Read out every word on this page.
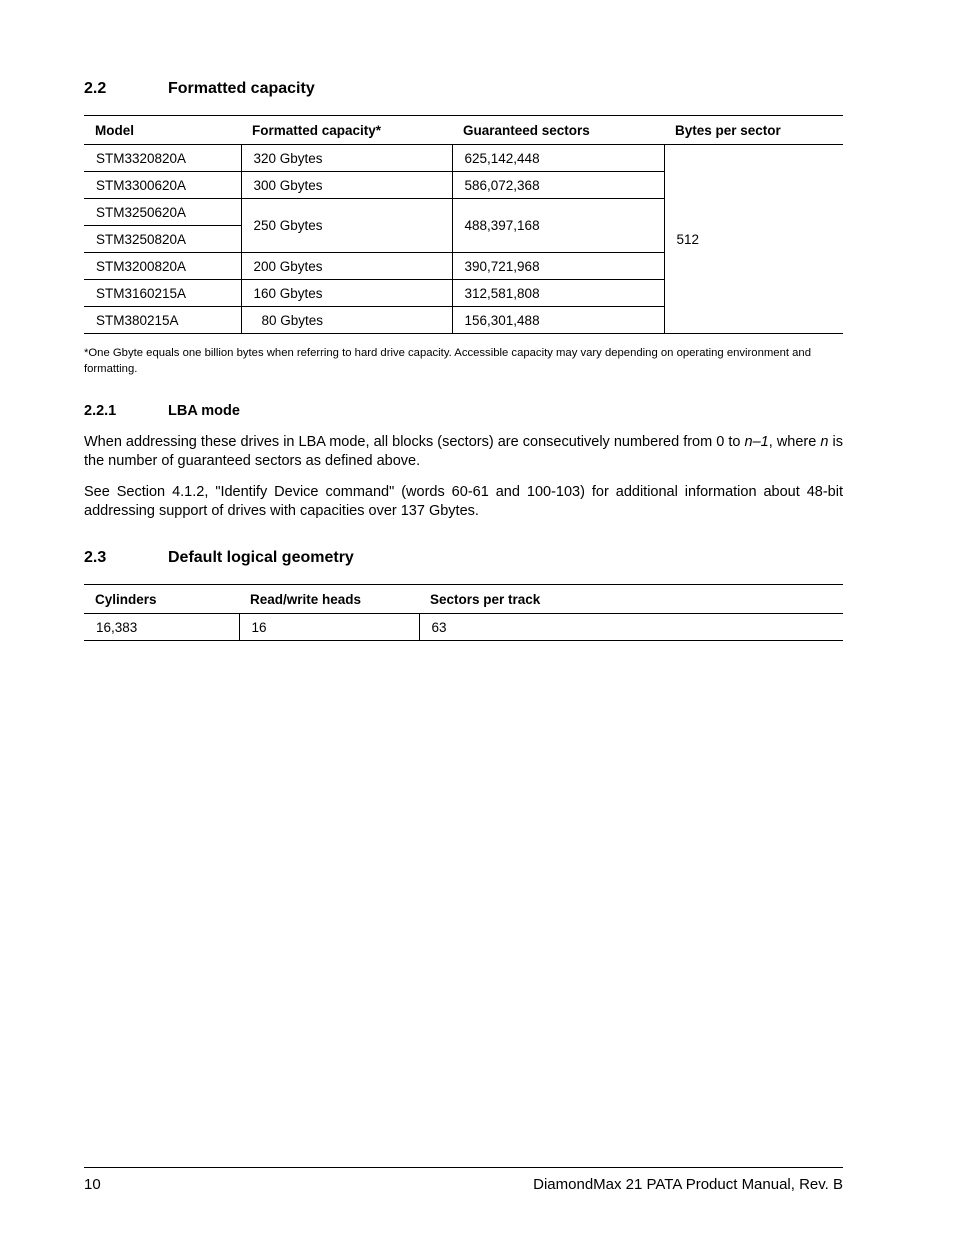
2.2	Formatted capacity
Model	Formatted capacity*	Guaranteed sectors	Bytes per sector
STM3320820A	320 Gbytes	625,142,448	512
STM3300620A	300 Gbytes	586,072,368	
STM3250620A	250 Gbytes	488,397,168	
STM3250820A			
STM3200820A	200 Gbytes	390,721,968	
STM3160215A	160 Gbytes	312,581,808	
STM380215A	80 Gbytes	156,301,488	
*One Gbyte equals one billion bytes when referring to hard drive capacity. Accessible capacity may vary depending on operating environment and formatting.
2.2.1	LBA mode

When addressing these drives in LBA mode, all blocks (sectors) are consecutively numbered from 0 to n–1, where n is the number of guaranteed sectors as defined above.

See Section 4.1.2, "Identify Device command" (words 60-61 and 100-103) for additional information about 48-bit addressing support of drives with capacities over 137 Gbytes.

2.3	Default logical geometry
Cylinders	Read/write heads	Sectors per track
16,383	16	63
10	DiamondMax 21 PATA Product Manual, Rev. B
